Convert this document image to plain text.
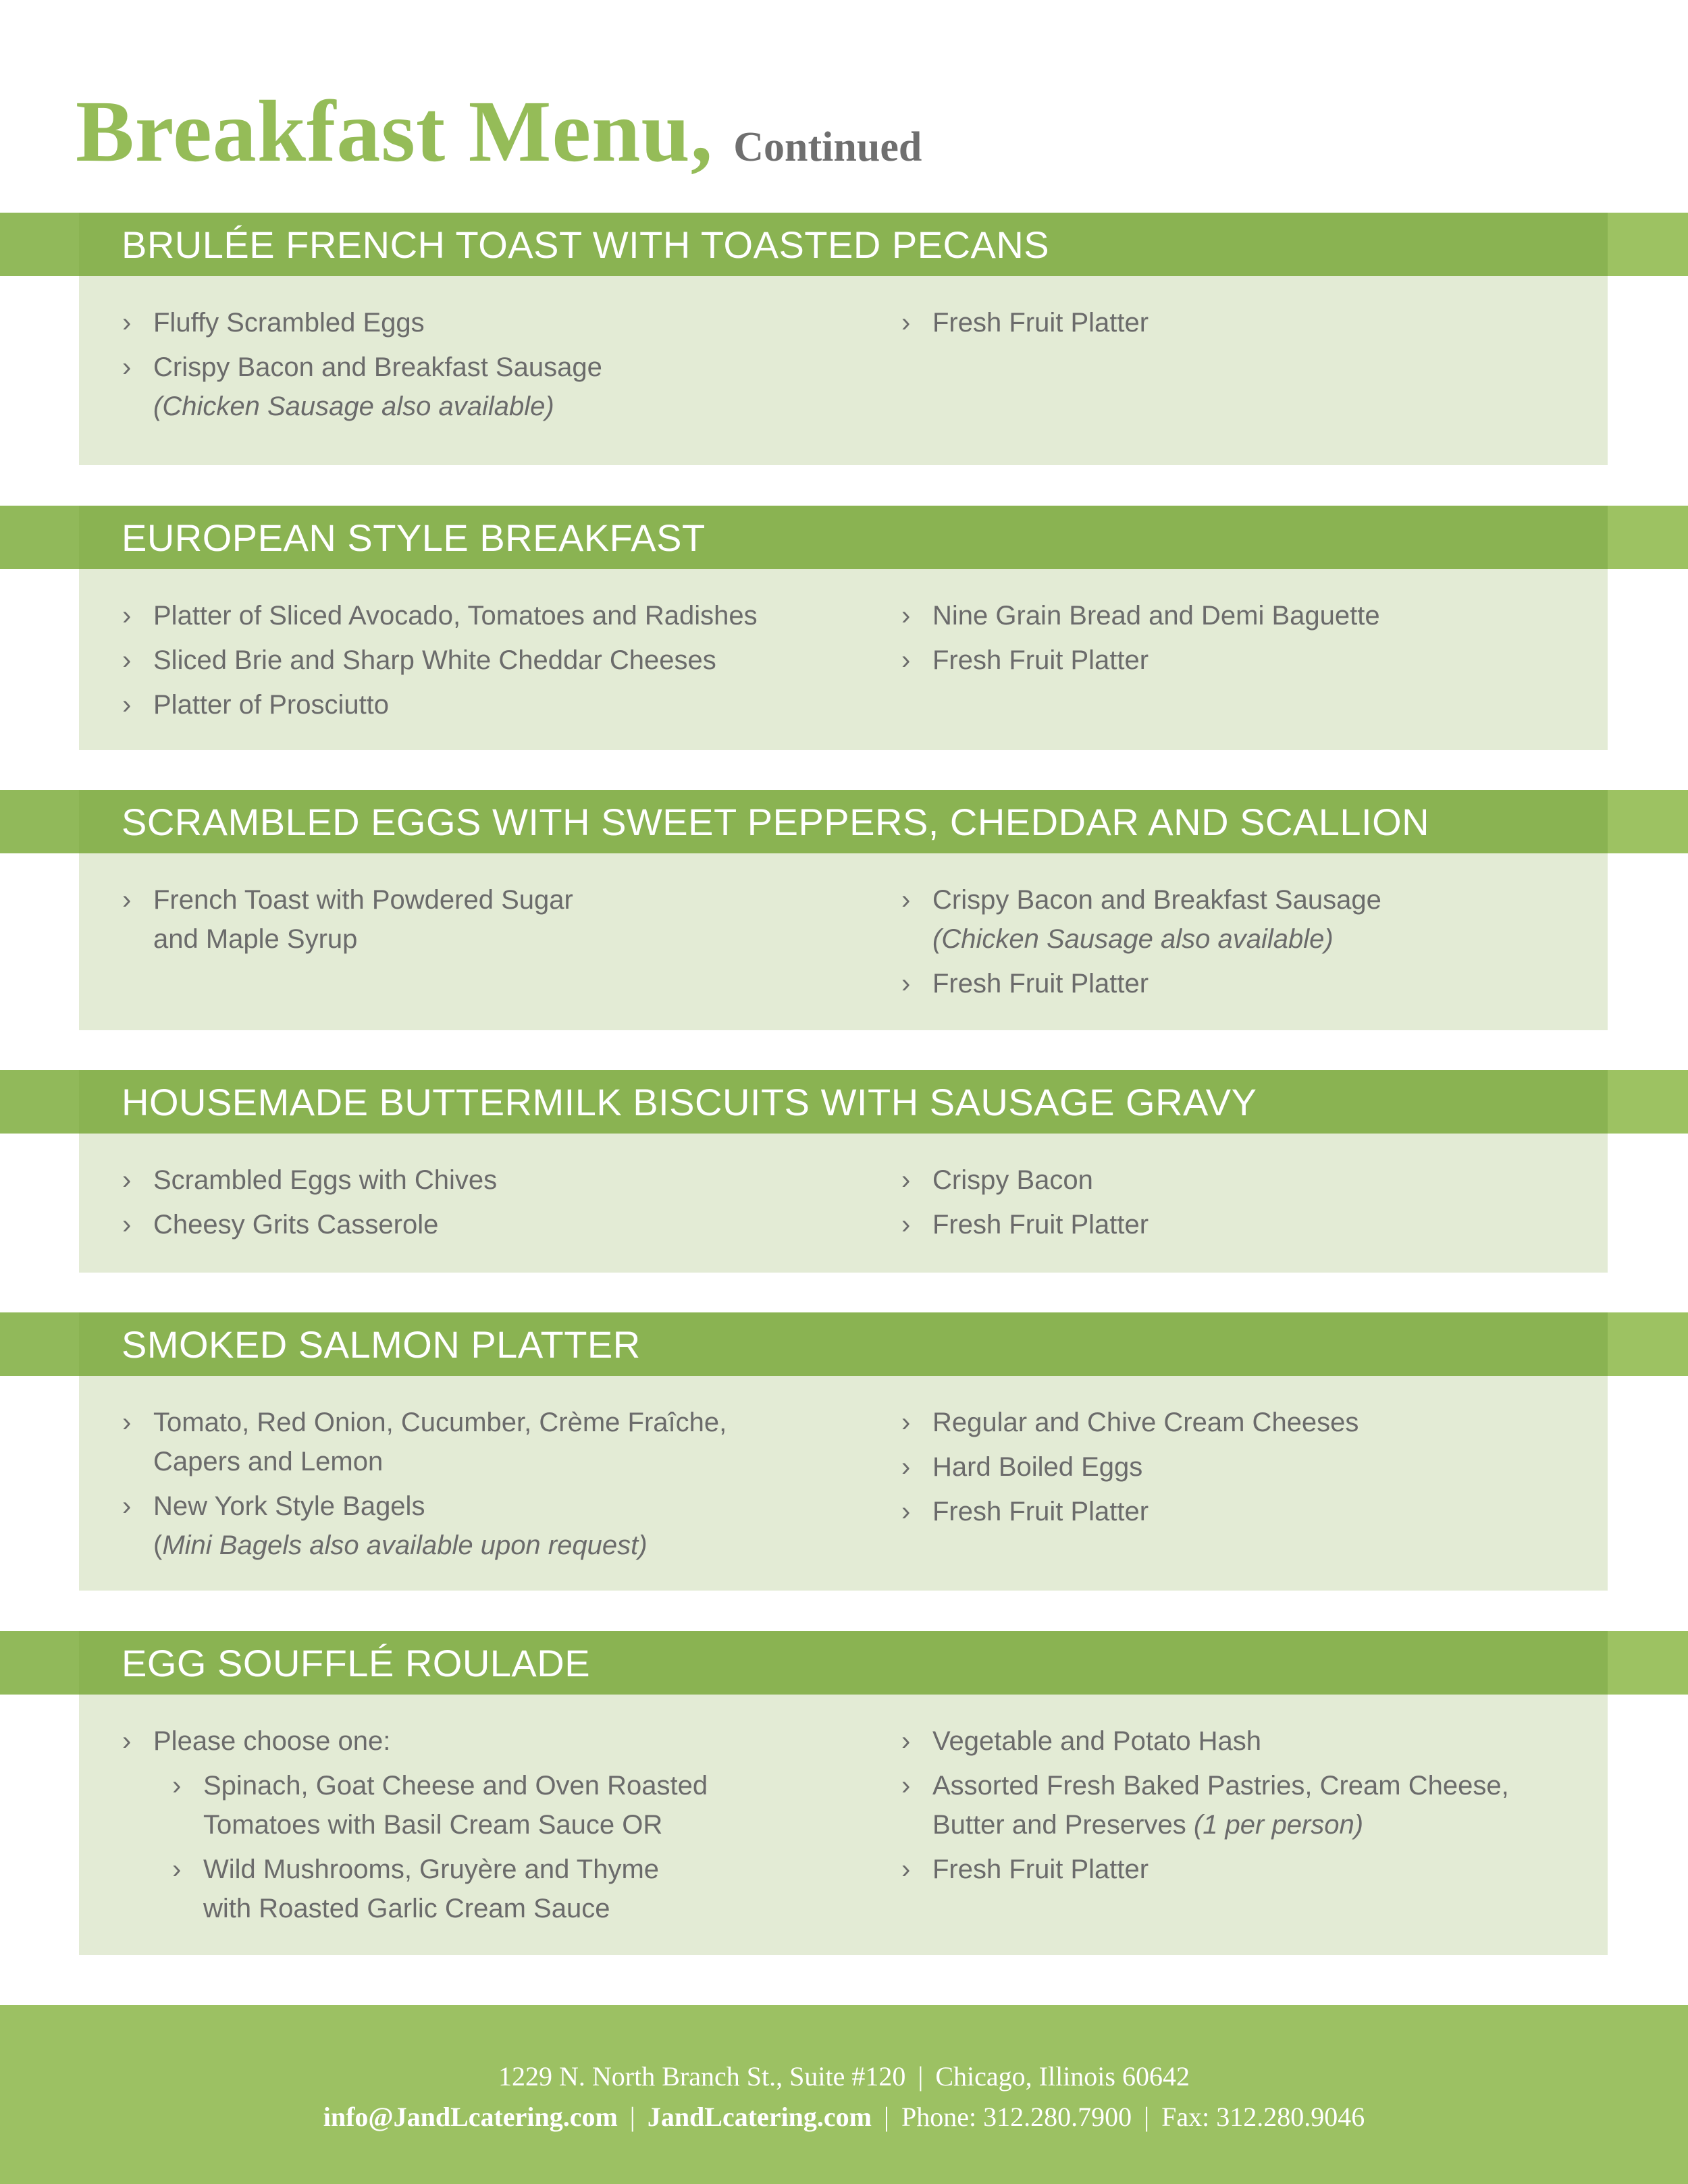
Breakfast Menu, Continued
BRULÉE FRENCH TOAST WITH TOASTED PECANS
› Fluffy Scrambled Eggs
› Crispy Bacon and Breakfast Sausage
(Chicken Sausage also available)
› Fresh Fruit Platter
EUROPEAN STYLE BREAKFAST
› Platter of Sliced Avocado, Tomatoes and Radishes
› Sliced Brie and Sharp White Cheddar Cheeses
› Platter of Prosciutto
› Nine Grain Bread and Demi Baguette
› Fresh Fruit Platter
SCRAMBLED EGGS WITH SWEET PEPPERS, CHEDDAR AND SCALLION
› French Toast with Powdered Sugar
and Maple Syrup
› Crispy Bacon and Breakfast Sausage
(Chicken Sausage also available)
› Fresh Fruit Platter
HOUSEMADE BUTTERMILK BISCUITS WITH SAUSAGE GRAVY
› Scrambled Eggs with Chives
› Cheesy Grits Casserole
› Crispy Bacon
› Fresh Fruit Platter
SMOKED SALMON PLATTER
› Tomato, Red Onion, Cucumber, Crème Fraîche,
Capers and Lemon
› New York Style Bagels
(Mini Bagels also available upon request)
› Regular and Chive Cream Cheeses
› Hard Boiled Eggs
› Fresh Fruit Platter
EGG SOUFFLÉ ROULADE
› Please choose one:
› Spinach, Goat Cheese and Oven Roasted
Tomatoes with Basil Cream Sauce OR
› Wild Mushrooms, Gruyère and Thyme
with Roasted Garlic Cream Sauce
› Vegetable and Potato Hash
› Assorted Fresh Baked Pastries, Cream Cheese,
Butter and Preserves (1 per person)
› Fresh Fruit Platter
1229 N. North Branch St., Suite #120 | Chicago, Illinois 60642
info@JandLcatering.com | JandLcatering.com | Phone: 312.280.7900 | Fax: 312.280.9046
